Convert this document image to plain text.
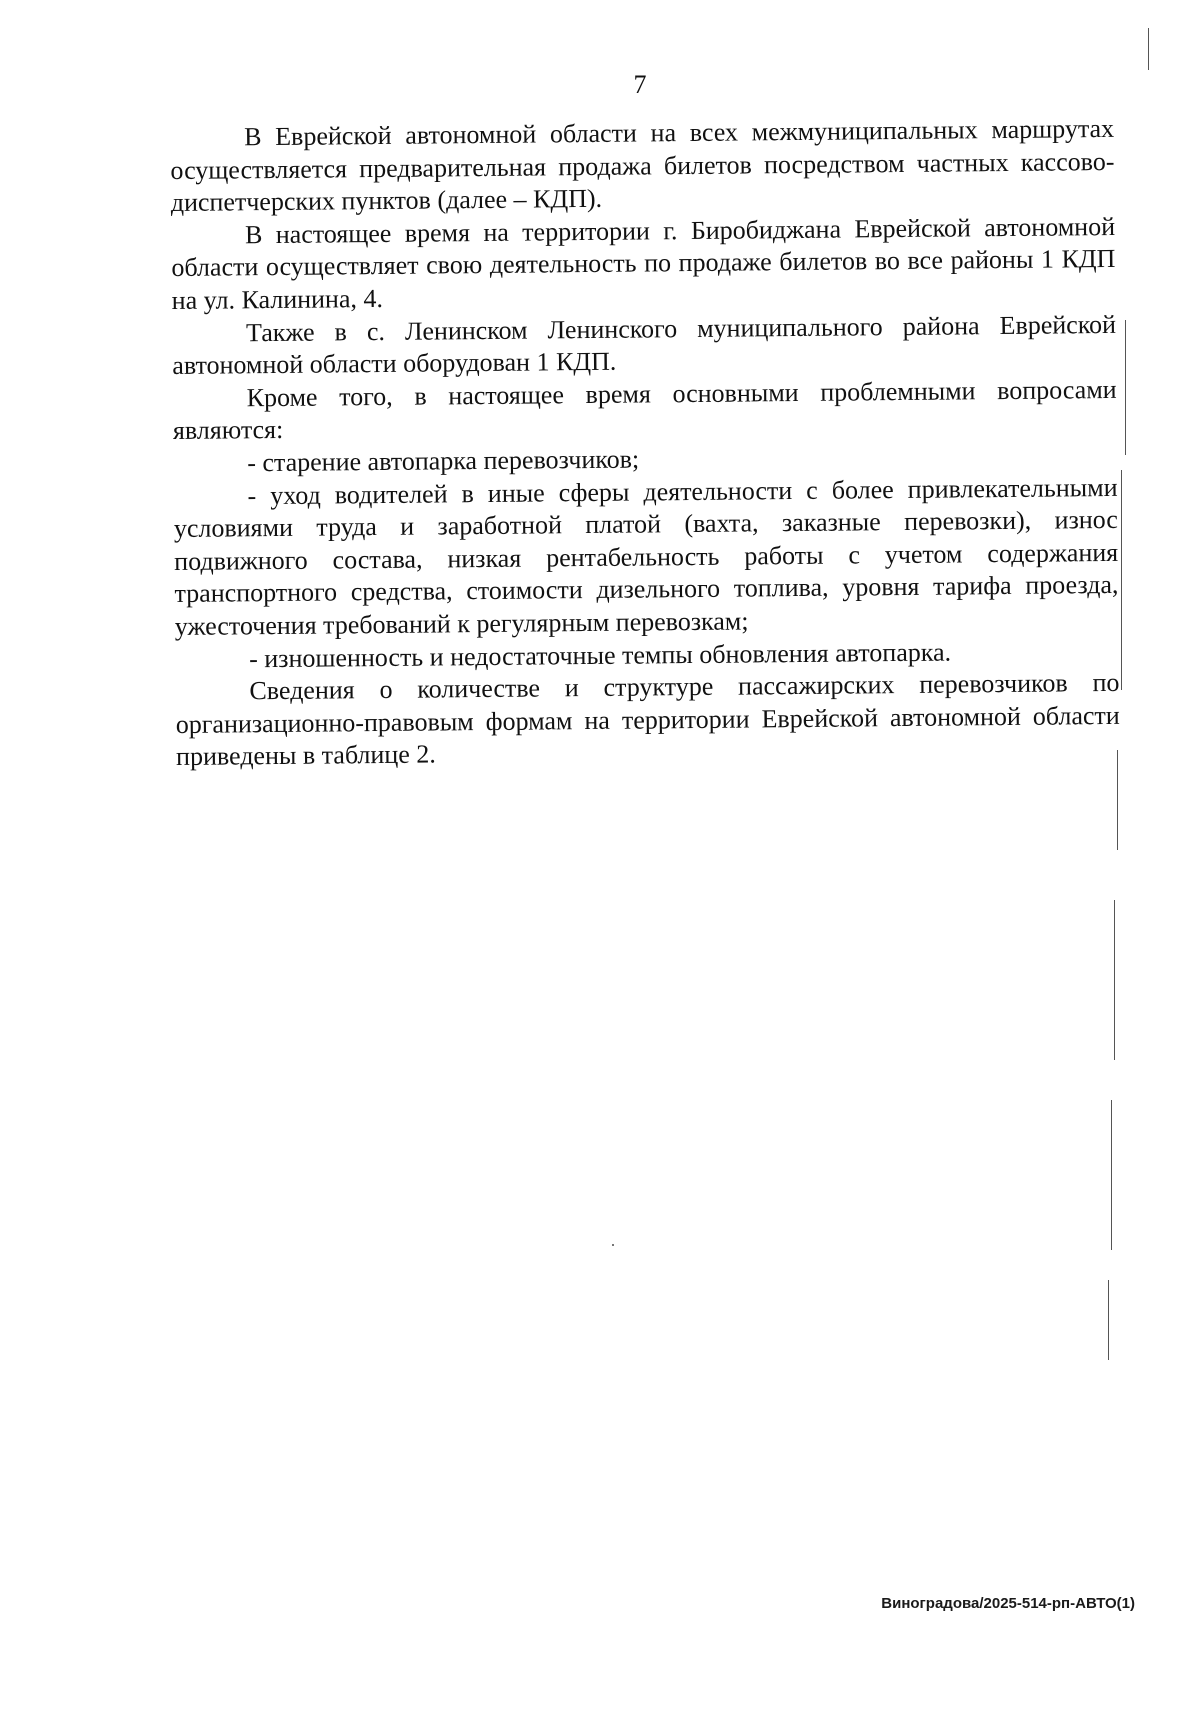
7

В Еврейской автономной области на всех межмуниципальных маршрутах осуществляется предварительная продажа билетов посредством частных кассово-диспетчерских пунктов (далее – КДП).

В настоящее время на территории г. Биробиджана Еврейской автономной области осуществляет свою деятельность по продаже билетов во все районы 1 КДП на ул. Калинина, 4.

Также в с. Ленинском Ленинского муниципального района Еврейской автономной области оборудован 1 КДП.

Кроме того, в настоящее время основными проблемными вопросами являются:

- старение автопарка перевозчиков;

- уход водителей в иные сферы деятельности с более привлекательными условиями труда и заработной платой (вахта, заказные перевозки), износ подвижного состава, низкая рентабельность работы с учетом содержания транспортного средства, стоимости дизельного топлива, уровня тарифа проезда, ужесточения требований к регулярным перевозкам;

- изношенность и недостаточные темпы обновления автопарка.

Сведения о количестве и структуре пассажирских перевозчиков по организационно-правовым формам на территории Еврейской автономной области приведены в таблице 2.

Виноградова/2025-514-рп-АВТО(1)
